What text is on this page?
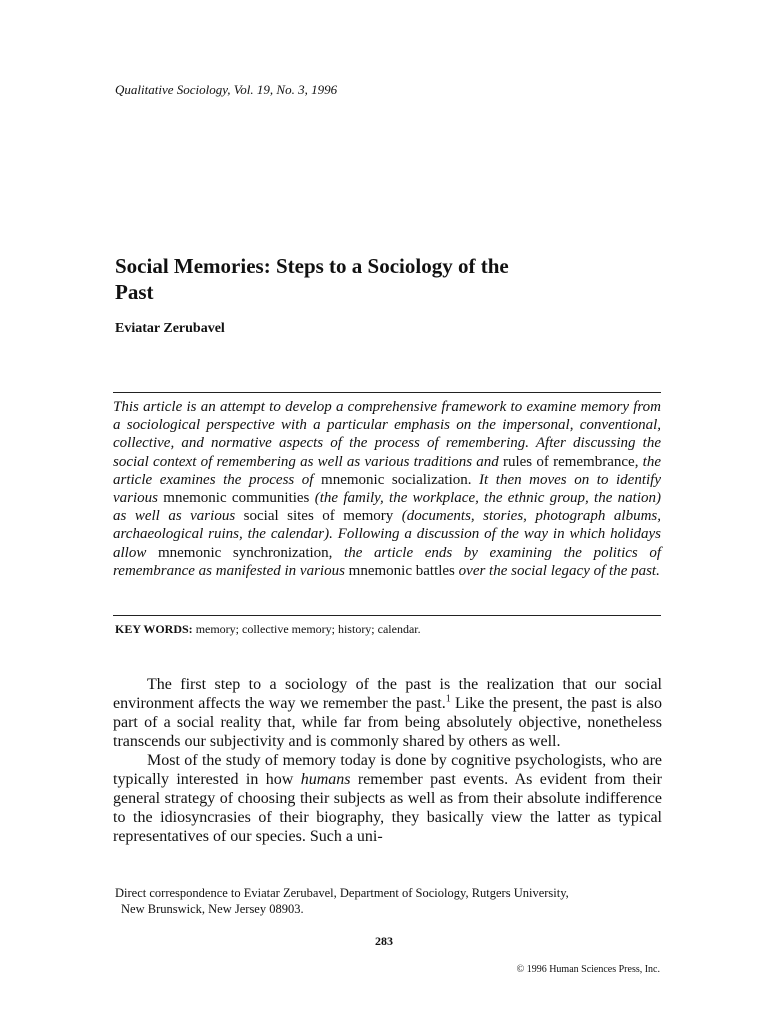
Qualitative Sociology, Vol. 19, No. 3, 1996
Social Memories: Steps to a Sociology of the
Past
Eviatar Zerubavel

This article is an attempt to develop a comprehensive framework to examine memory from a sociological perspective with a particular emphasis on the impersonal, conventional, collective, and normative aspects of the process of remembering. After discussing the social context of remembering as well as various traditions and rules of remembrance, the article examines the process of mnemonic socialization. It then moves on to identify various mnemonic communities (the family, the workplace, the ethnic group, the nation) as well as various social sites of memory (documents, stories, photograph albums, archaeological ruins, the calendar). Following a discussion of the way in which holidays allow mnemonic synchronization, the article ends by examining the politics of remembrance as manifested in various mnemonic battles over the social legacy of the past.

KEY WORDS: memory; collective memory; history; calendar.

The first step to a sociology of the past is the realization that our social environment affects the way we remember the past.$^1$ Like the present, the past is also part of a social reality that, while far from being absolutely objective, nonetheless transcends our subjectivity and is commonly shared by others as well.

Most of the study of memory today is done by cognitive psychologists, who are typically interested in how humans remember past events. As evident from their general strategy of choosing their subjects as well as from their absolute indifference to the idiosyncrasies of their biography, they basically view the latter as typical representatives of our species. Such a uni-

Direct correspondence to Eviatar Zerubavel, Department of Sociology, Rutgers University,
New Brunswick, New Jersey 08903.
283
© 1996 Human Sciences Press, Inc.
